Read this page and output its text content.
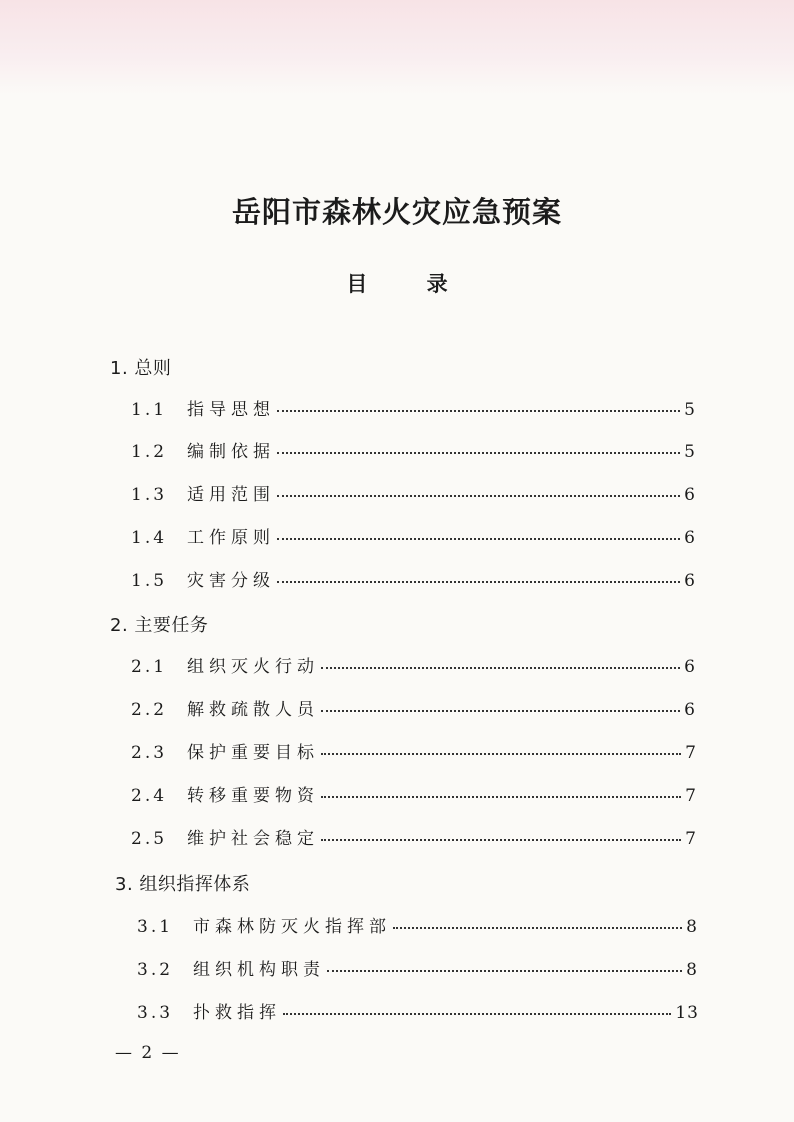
岳阳市森林火灾应急预案
目 录
1. 总则
1.1	指导思想	5
1.2	编制依据	5
1.3	适用范围	6
1.4	工作原则	6
1.5	灾害分级	6
2. 主要任务
2.1	组织灭火行动	6
2.2	解救疏散人员	6
2.3	保护重要目标	7
2.4	转移重要物资	7
2.5	维护社会稳定	7
3. 组织指挥体系
3.1	市森林防灭火指挥部	8
3.2	组织机构职责	8
3.3	扑救指挥	13
— 2 —
